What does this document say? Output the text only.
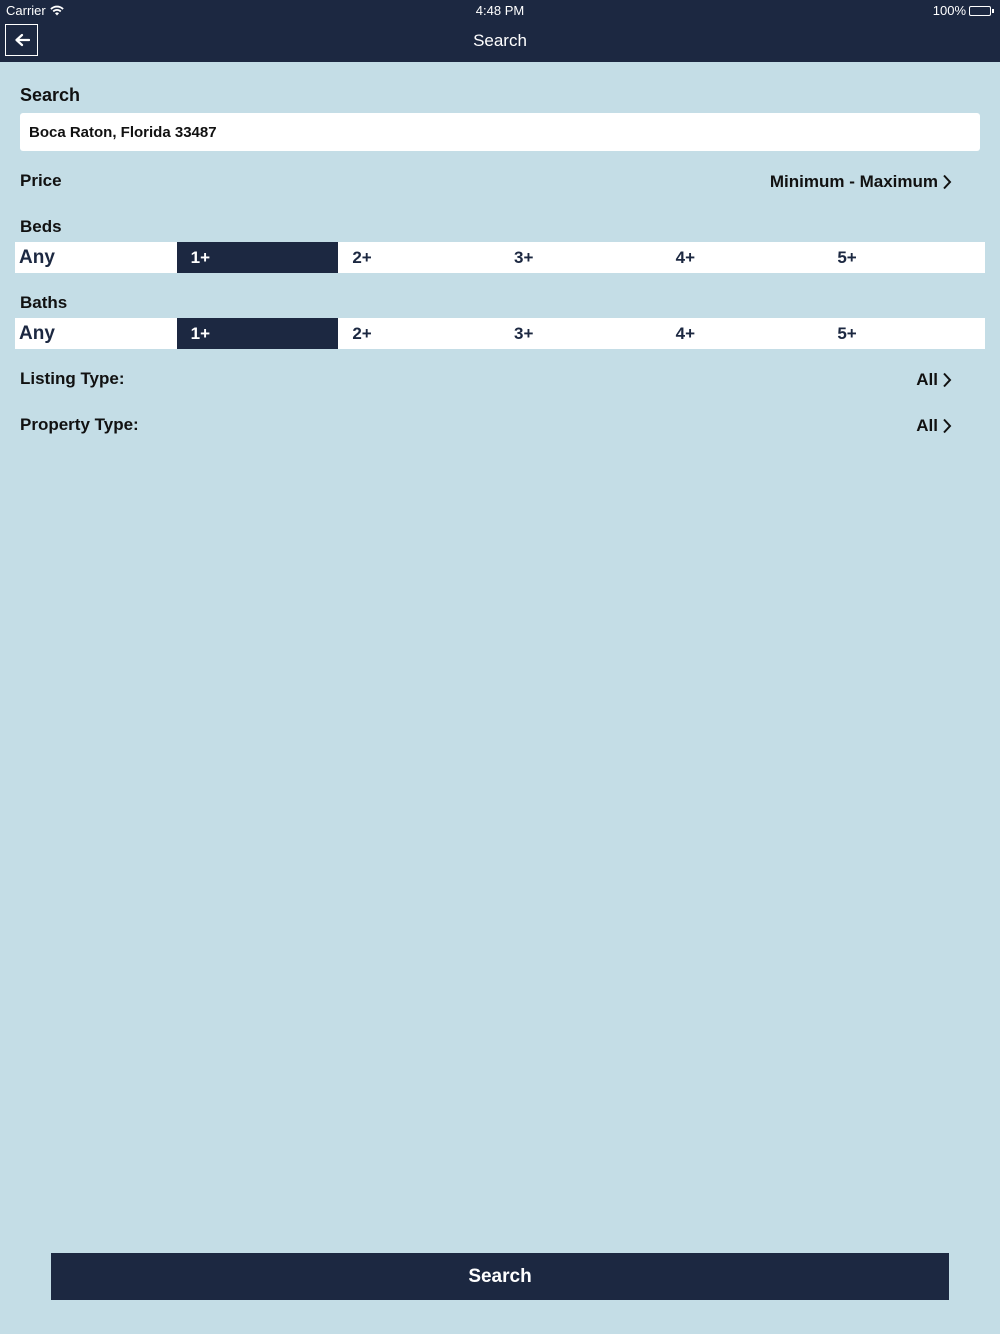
Carrier	4:48 PM	100%
Search
Search
Boca Raton, Florida 33487
Price	Minimum - Maximum
Beds
Any	1+	2+	3+	4+	5+
Baths
Any	1+	2+	3+	4+	5+
Listing Type:	All
Property Type:	All
Search
